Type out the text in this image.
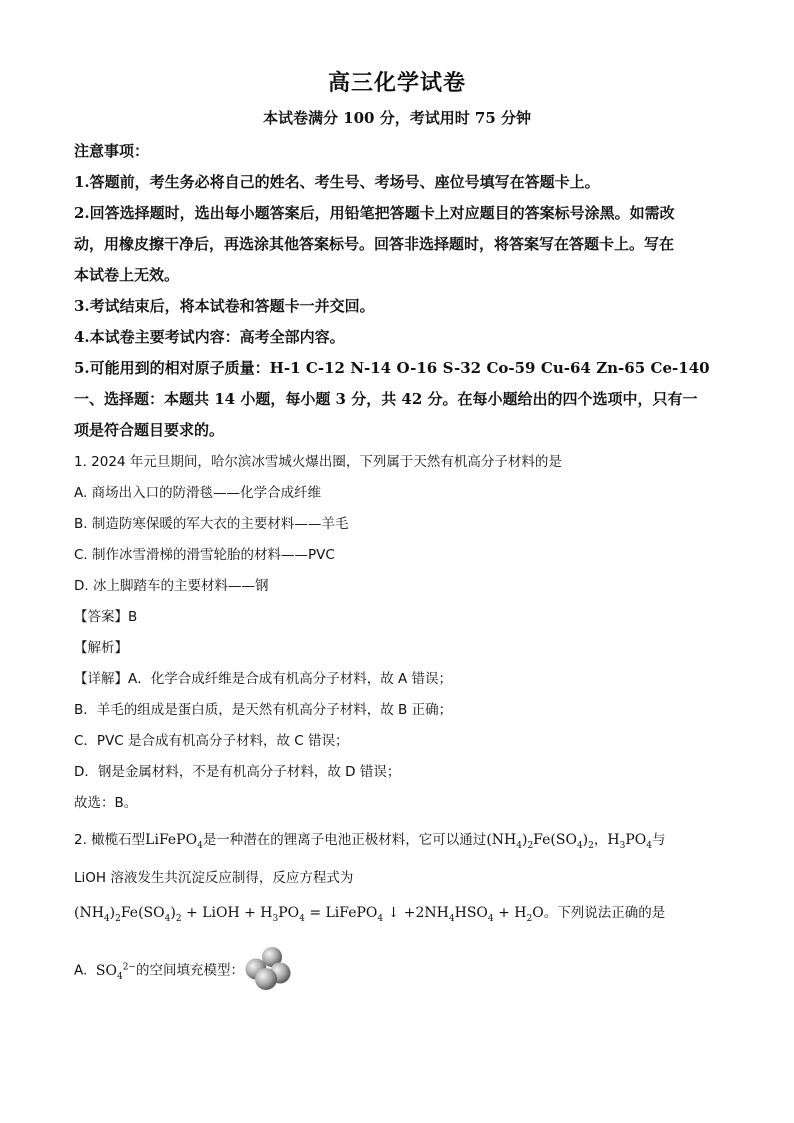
高三化学试卷
本试卷满分 100 分，考试用时 75 分钟
注意事项：
1.答题前，考生务必将自己的姓名、考生号、考场号、座位号填写在答题卡上。
2.回答选择题时，选出每小题答案后，用铅笔把答题卡上对应题目的答案标号涂黑。如需改
动，用橡皮擦干净后，再选涂其他答案标号。回答非选择题时，将答案写在答题卡上。写在
本试卷上无效。
3.考试结束后，将本试卷和答题卡一并交回。
4.本试卷主要考试内容：高考全部内容。
5.可能用到的相对原子质量： H-1 C-12 N-14 O-16 S-32 Co-59 Cu-64 Zn-65 Ce-140
一、选择题：本题共 14 小题，每小题 3 分，共 42 分。在每小题给出的四个选项中，只有一
项是符合题目要求的。
1. 2024 年元旦期间，哈尔滨冰雪城火爆出圈，下列属于天然有机高分子材料的是
A. 商场出入口的防滑毯——化学合成纤维
B. 制造防寒保暖的军大衣的主要材料——羊毛
C. 制作冰雪滑梯的滑雪轮胎的材料——PVC
D. 冰上脚踏车的主要材料——钢
【答案】B
【解析】
【详解】A．化学合成纤维是合成有机高分子材料，故 A 错误；
B．羊毛的组成是蛋白质，是天然有机高分子材料，故 B 正确；
C．PVC 是合成有机高分子材料，故 C 错误；
D．钢是金属材料，不是有机高分子材料，故 D 错误；
故选：B。
2. 橄榄石型LiFePO$_4$是一种潜在的锂离子电池正极材料，它可以通过$(NH_4)_2Fe(SO_4)_2$，$H_3PO_4$与
LiOH 溶液发生共沉淀反应制得，反应方程式为
$(NH_4)_2Fe(SO_4)_2$ + LiOH + $H_3PO_4$ = LiFePO$_4$ ↓ $+2NH_4HSO_4 + H_2O$。下列说法正确的是
A. $SO_4^{2-}$的空间填充模型：
